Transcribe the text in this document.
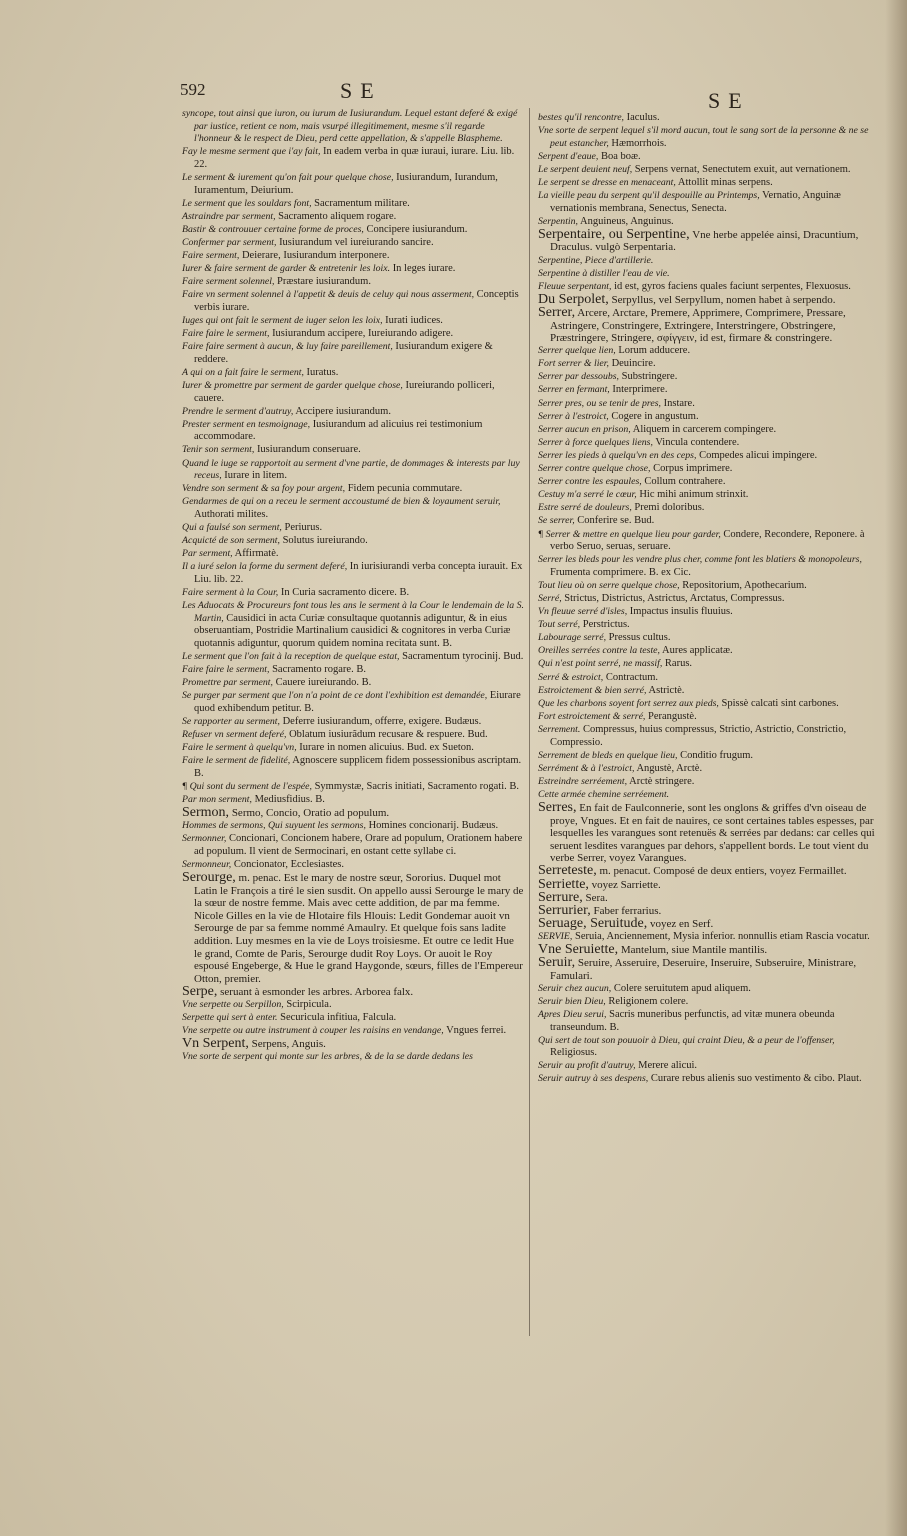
592	SE	SE
syncope, tout ainsi que iuron, ou iurum de Iusiurandum. Lequel estant deferé & exigé par iustice, retient ce nom, mais vsurpé illegitimement, mesme s'il regarde l'honneur & le respect de Dieu, perd cette appellation, & s'appelle Blaspheme.
Fay le mesme serment que i'ay fait, In eadem verba in quæ iuraui, iurare. Liu. lib. 22.
Le serment & iurement qu'on fait pour quelque chose, Iusiurandum, Iurandum, Iuramentum, Deiurium.
Le serment que les souldars font, Sacramentum militare.
Astraindre par serment, Sacramento aliquem rogare.
Bastir & controuuer certaine forme de proces, Concipere iusiurandum.
Confermer par serment, Iusiurandum vel iureiurando sancire.
Faire serment, Deierare, Iusiurandum interponere.
Iurer & faire serment de garder & entretenir les loix. In leges iurare.
Faire serment solennel, Præstare iusiurandum.
Faire vn serment solennel à l'appetit & deuis de celuy qui nous asserment, Conceptis verbis iurare.
Iuges qui ont fait le serment de iuger selon les loix, Iurati iudices.
Faire faire le serment, Iusiurandum accipere, Iureiurando adigere.
Faire faire serment à aucun, & luy faire pareillement, Iusiurandum exigere & reddere.
A qui on a fait faire le serment, Iuratus.
Iurer & promettre par serment de garder quelque chose, Iureiurando polliceri, cauere.
Prendre le serment d'autruy, Accipere iusiurandum.
Prester serment en tesmoignage, Iusiurandum ad alicuius rei testimonium accommodare.
Tenir son serment, Iusiurandum conseruare.
Quand le iuge se rapportoit au serment d'vne partie, de dommages & interests par luy receus, Iurare in litem.
Vendre son serment & sa foy pour argent, Fidem pecunia commutare.
Gendarmes de qui on a receu le serment accoustumé de bien & loyaument seruir, Authorati milites.
Qui a faulsé son serment, Periurus.
Acquicté de son serment, Solutus iureiurando.
Par serment, Affirmatè.
Il a iuré selon la forme du serment deferé, In iurisiurandi verba concepta iurauit. Ex Liu. lib. 22.
Faire serment à la Cour, In Curia sacramento dicere. B.
Les Aduocats & Procureurs font tous les ans le serment à la Cour le lendemain de la S. Martin, Causidici in acta Curiæ consultaque quotannis adiguntur, & in eius obseruantiam, Postridie Martinalium causidici & cognitores in verba Curiæ quotannis adiguntur, quorum quidem nomina recitata sunt. B.
Le serment que l'on fait à la reception de quelque estat, Sacramentum tyrocinij. Bud.
Faire faire le serment, Sacramento rogare. B.
Promettre par serment, Cauere iureiurando. B.
Se purger par serment que l'on n'a point de ce dont l'exhibition est demandée, Eiurare quod exhibendum petitur. B.
Se rapporter au serment, Deferre iusiurandum, offerre, exigere. Budæus.
Refuser vn serment deferé, Oblatum iusiurãdum recusare & respuere. Bud.
Faire le serment à quelqu'vn, Iurare in nomen alicuius. Bud. ex Sueton.
Faire le serment de fidelité, Agnoscere supplicem fidem possessionibus ascriptam. B.
¶ Qui sont du serment de l'espée, Symmystæ, Sacris initiati, Sacramento rogati. B.
Par mon serment, Mediusfidius. B.
Sermon, Sermo, Concio, Oratio ad populum.
Hommes de sermons, Qui suyuent les sermons, Homines concionarij. Budæus.
Sermonner, Concionari, Concionem habere, Orare ad populum, Orationem habere ad populum. Il vient de Sermocinari, en ostant cette syllabe ci.
Sermonneur, Concionator, Ecclesiastes.
Serourge, m. penac. Est le mary de nostre sœur, Sororius. Duquel mot Latin le François a tiré le sien susdit. On appello aussi Serourge le mary de la sœur de nostre femme. Mais avec cette addition, de par ma femme. Nicole Gilles en la vie de Hlotaire fils Hlouis: Ledit Gondemar auoit vn Serourge de par sa femme nommé Amaulry. Et quelque fois sans ladite addition. Luy mesmes en la vie de Loys troisiesme. Et outre ce ledit Hue le grand, Comte de Paris, Serourge dudit Roy Loys. Or auoit le Roy espousé Engeberge, & Hue le grand Haygonde, sœurs, filles de l'Empereur Otton, premier.
Serpe, seruant à esmonder les arbres. Arborea falx.
Vne serpette ou Serpillon, Scirpicula.
Serpette qui sert à enter. Securicula infitiua, Falcula.
Vne serpette ou autre instrument à couper les raisins en vendange, Vngues ferrei.
Vn Serpent, Serpens, Anguis.
Vne sorte de serpent qui monte sur les arbres, & de la se darde dedans les
bestes qu'il rencontre, Iaculus.
Vne sorte de serpent lequel s'il mord aucun, tout le sang sort de la personne & ne se peut estancher, Hæmorrhois.
Serpent d'eaue, Boa boæ.
Le serpent deuient neuf, Serpens vernat, Senectutem exuit, aut vernationem.
Le serpent se dresse en menaceant, Attollit minas serpens.
La vieille peau du serpent qu'il despouille au Printemps, Vernatio, Anguinæ vernationis membrana, Senectus, Senecta.
Serpentin, Anguineus, Anguinus.
Serpentaire, ou Serpentine, Vne herbe appelée ainsi, Dracuntium, Draculus. vulgò Serpentaria.
Serpentine, Piece d'artillerie.
Serpentine à distiller l'eau de vie.
Fleuue serpentant, id est, gyros faciens quales faciunt serpentes, Flexuosus.
Du Serpolet, Serpyllus, vel Serpyllum, nomen habet à serpendo.
Serrer, Arcere, Arctare, Premere, Apprimere, Comprimere, Pressare, Astringere, Constringere, Extringere, Interstringere, Obstringere, Præstringere, Stringere, σφίγγειν, id est, firmare & constringere.
Serrer quelque lien, Lorum adducere.
Fort serrer & lier, Deuincire.
Serrer par dessoubs, Substringere.
Serrer en fermant, Interprimere.
Serrer pres, ou se tenir de pres, Instare.
Serrer à l'estroict, Cogere in angustum.
Serrer aucun en prison, Aliquem in carcerem compingere.
Serrer à force quelques liens, Vincula contendere.
Serrer les pieds à quelqu'vn en des ceps, Compedes alicui impingere.
Serrer contre quelque chose, Corpus imprimere.
Serrer contre les espaules, Collum contrahere.
Cestuy m'a serré le cœur, Hic mihi animum strinxit.
Estre serré de douleurs, Premi doloribus.
Se serrer, Conferire se. Bud.
¶ Serrer & mettre en quelque lieu pour garder, Condere, Recondere, Reponere. à verbo Seruo, seruas, seruare.
Serrer les bleds pour les vendre plus cher, comme font les blatiers & monopoleurs, Frumenta comprimere. B. ex Cic.
Tout lieu où on serre quelque chose, Repositorium, Apothecarium.
Serré, Strictus, Districtus, Astrictus, Arctatus, Compressus.
Vn fleuue serré d'isles, Impactus insulis fluuius.
Tout serré, Perstrictus.
Labourage serré, Pressus cultus.
Oreilles serrées contre la teste, Aures applicatæ.
Qui n'est point serré, ne massif, Rarus.
Serré & estroict, Contractum.
Estroictement & bien serré, Astrictè.
Que les charbons soyent fort serrez aux pieds, Spissè calcati sint carbones.
Fort estroictement & serré, Perangustè.
Serrement. Compressus, huius compressus, Strictio, Astrictio, Constrictio, Compressio.
Serrement de bleds en quelque lieu, Conditio frugum.
Serrément & à l'estroict, Angustè, Arctè.
Estreindre serréement, Arctè stringere.
Cette armée chemine serréement.
Serres, En fait de Faulconnerie, sont les onglons & griffes d'vn oiseau de proye, Vngues. Et en fait de nauires, ce sont certaines tables espesses, par lesquelles les varangues sont retenuës & serrées par dedans: car celles qui seruent lesdites varangues par dehors, s'appellent bords. Le tout vient du verbe Serrer, voyez Varangues.
Serreteste, m. penacut. Composé de deux entiers, voyez Fermaillet.
Serriette, voyez Sarriette.
Serrure, Sera.
Serrurier, Faber ferrarius.
Seruage, Seruitude, voyez en Serf.
SERVIE, Seruia, Anciennement, Mysia inferior. nonnullis etiam Rascia vocatur.
Vne Seruiette, Mantelum, siue Mantile mantilis.
Seruir, Seruire, Asseruire, Deseruire, Inseruire, Subseruire, Ministrare, Famulari.
Seruir chez aucun, Colere seruitutem apud aliquem.
Seruir bien Dieu, Religionem colere.
Apres Dieu serui, Sacris muneribus perfunctis, ad vitæ munera obeunda transeundum. B.
Qui sert de tout son pouuoir à Dieu, qui craint Dieu, & a peur de l'offenser, Religiosus.
Seruir au profit d'autruy, Merere alicui.
Seruir autruy à ses despens, Curare rebus alienis suo vestimento & cibo. Plaut.
